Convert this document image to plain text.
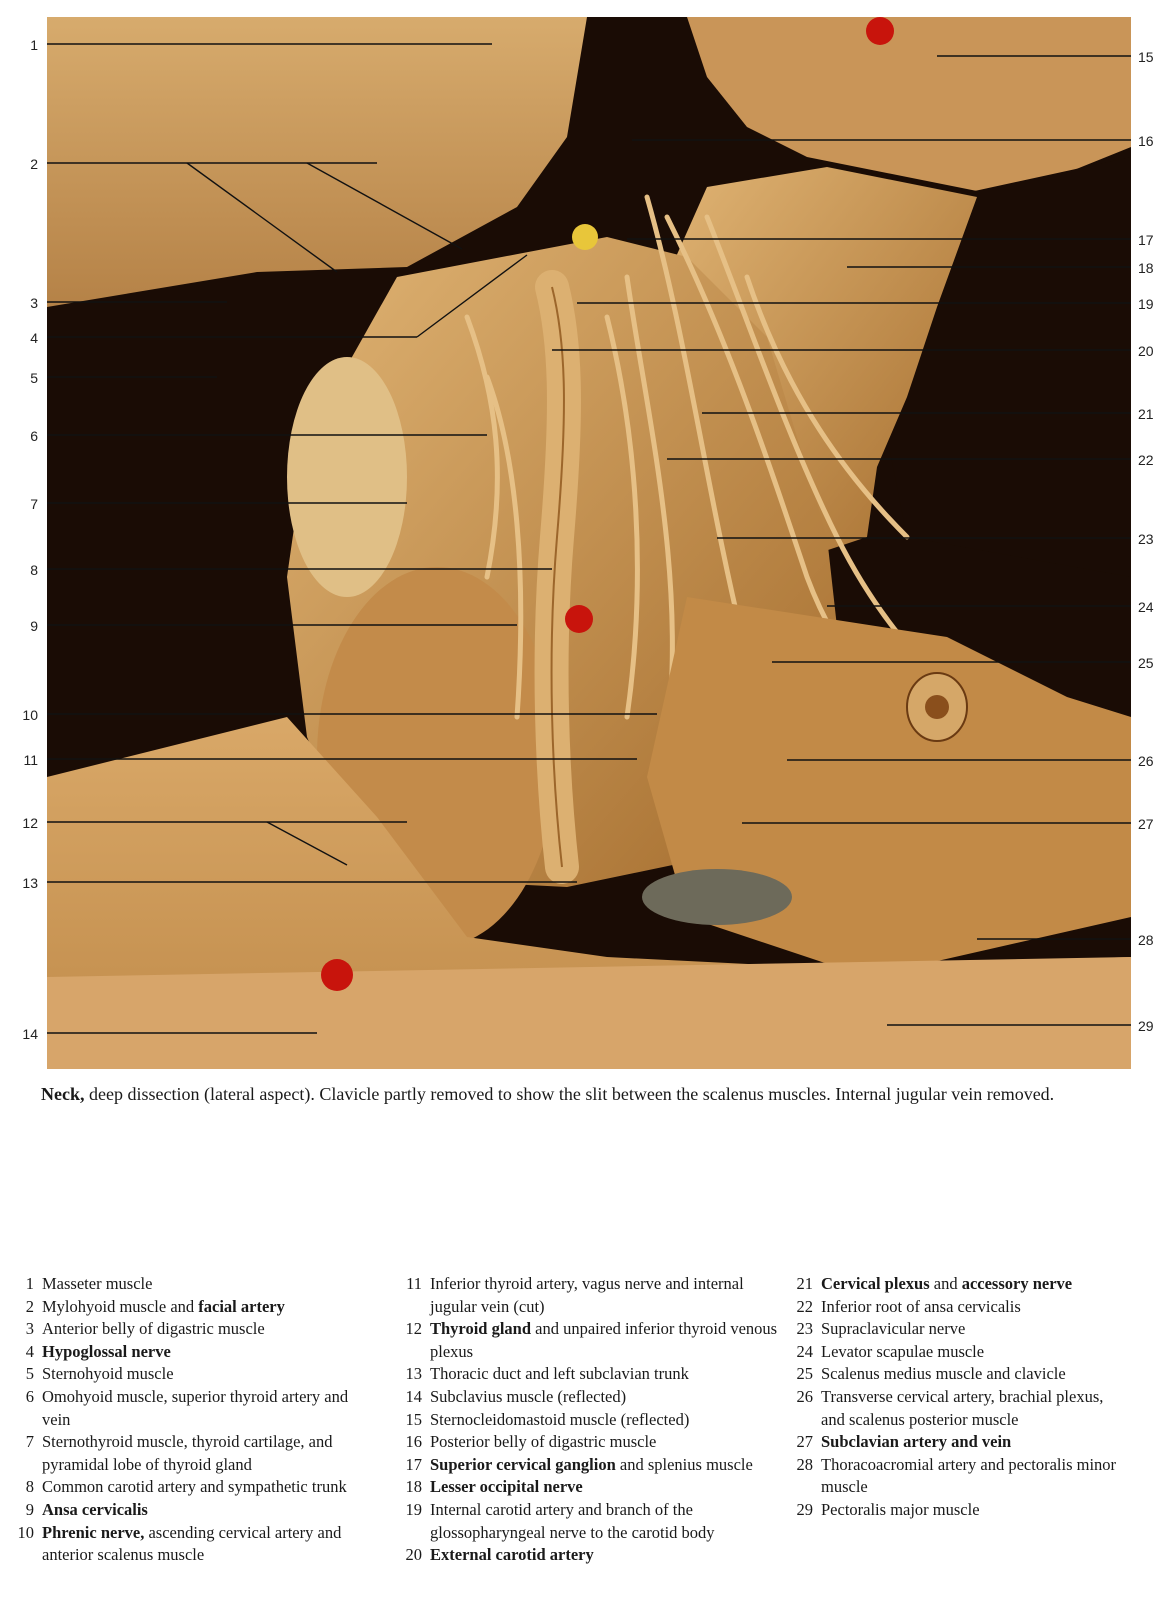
1
2
3
4
5
6
7
8
9
10
11
12
13
14
15
16
17
18
19
20
21
22
23
24
25
26
27
28
29
Neck, deep dissection (lateral aspect). Clavicle partly removed to show the slit between the scalenus muscles. Internal jugular vein removed.
1 Masseter muscle
2 Mylohyoid muscle and facial artery
3 Anterior belly of digastric muscle
4 Hypoglossal nerve
5 Sternohyoid muscle
6 Omohyoid muscle, superior thyroid artery and vein
7 Sternothyroid muscle, thyroid cartilage, and pyramidal lobe of thyroid gland
8 Common carotid artery and sympathetic trunk
9 Ansa cervicalis
10 Phrenic nerve, ascending cervical artery and anterior scalenus muscle
11 Inferior thyroid artery, vagus nerve and internal jugular vein (cut)
12 Thyroid gland and unpaired inferior thyroid venous plexus
13 Thoracic duct and left subclavian trunk
14 Subclavius muscle (reflected)
15 Sternocleidomastoid muscle (reflected)
16 Posterior belly of digastric muscle
17 Superior cervical ganglion and splenius muscle
18 Lesser occipital nerve
19 Internal carotid artery and branch of the glossopharyngeal nerve to the carotid body
20 External carotid artery
21 Cervical plexus and accessory nerve
22 Inferior root of ansa cervicalis
23 Supraclavicular nerve
24 Levator scapulae muscle
25 Scalenus medius muscle and clavicle
26 Transverse cervical artery, brachial plexus, and scalenus posterior muscle
27 Subclavian artery and vein
28 Thoracoacromial artery and pectoralis minor muscle
29 Pectoralis major muscle
